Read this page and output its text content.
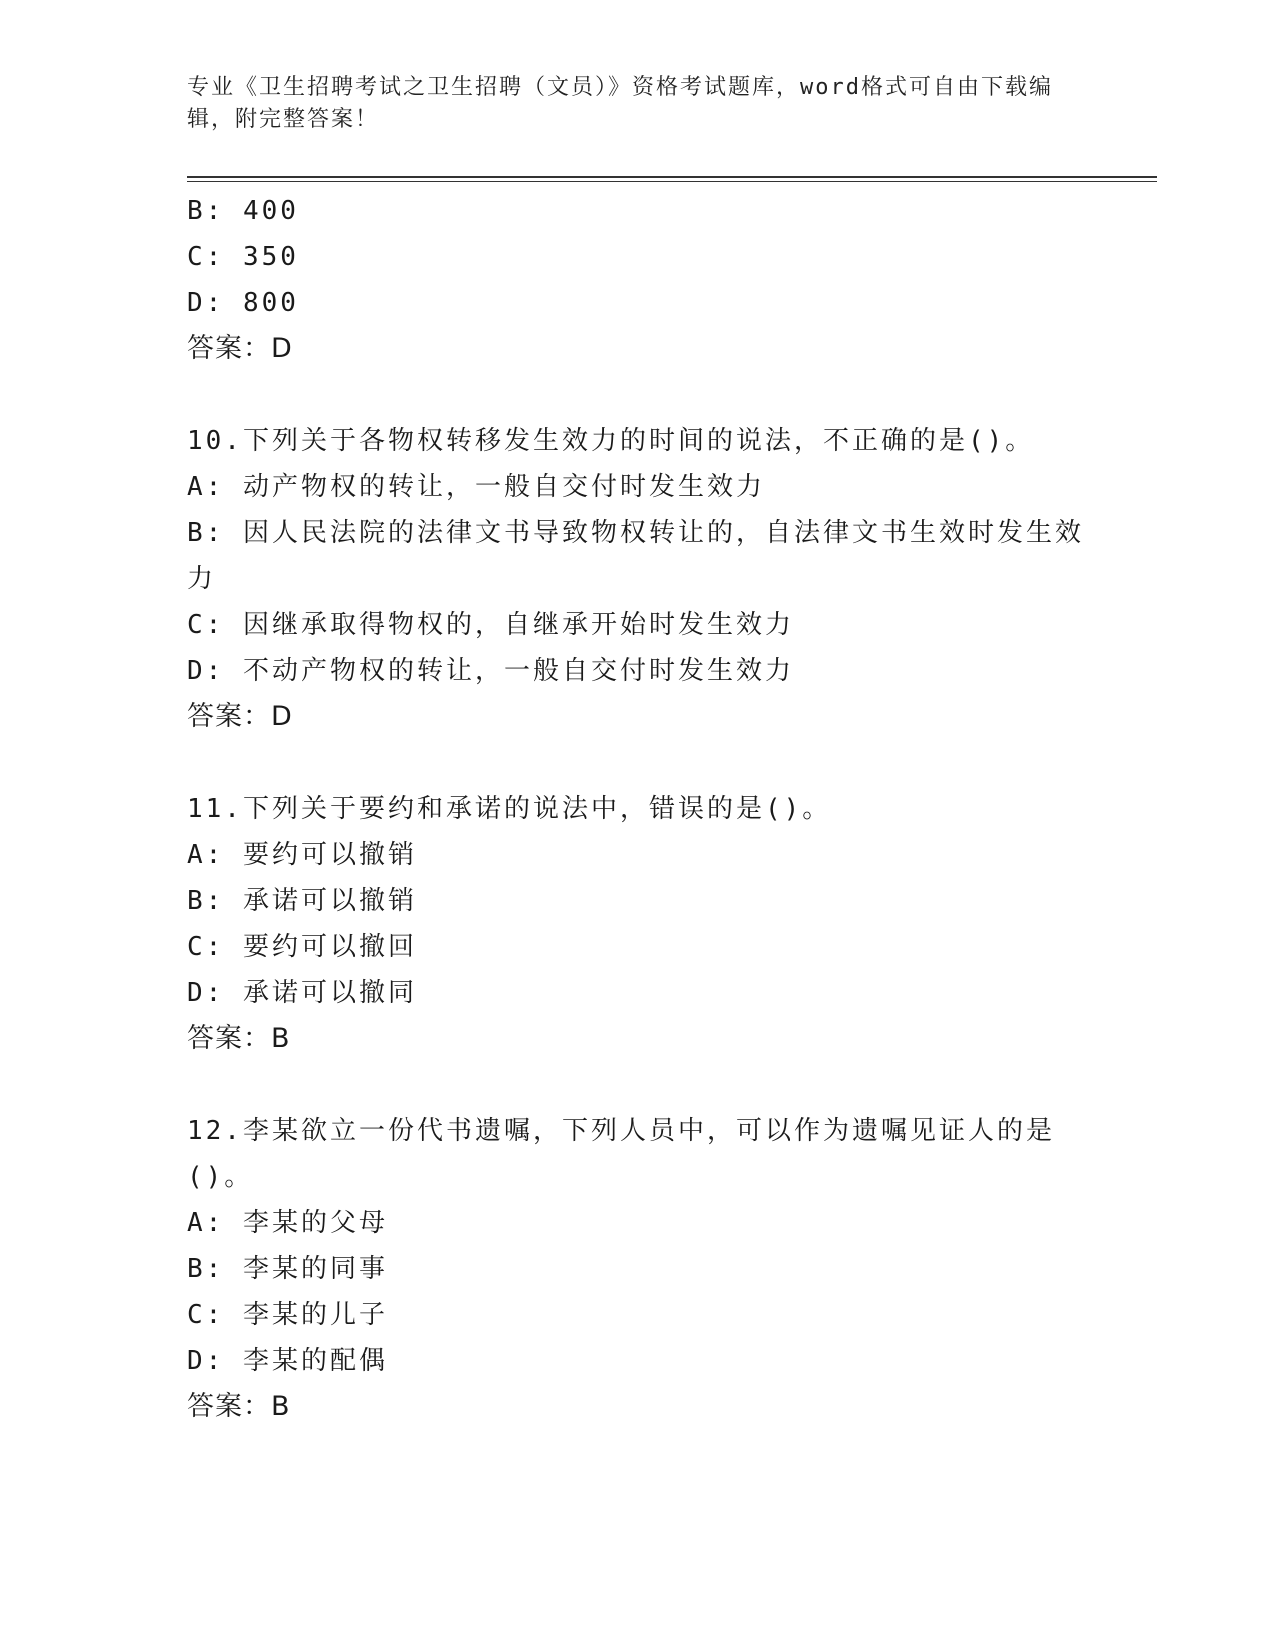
专业《卫生招聘考试之卫生招聘（文员）》资格考试题库，word格式可自由下载编辑，附完整答案！
B: 400
C: 350
D: 800
答案：D
10.下列关于各物权转移发生效力的时间的说法，不正确的是()。
A: 动产物权的转让，一般自交付时发生效力
B: 因人民法院的法律文书导致物权转让的，自法律文书生效时发生效力
C: 因继承取得物权的，自继承开始时发生效力
D: 不动产物权的转让，一般自交付时发生效力
答案：D
11.下列关于要约和承诺的说法中，错误的是()。
A: 要约可以撤销
B: 承诺可以撤销
C: 要约可以撤回
D: 承诺可以撤同
答案：B
12.李某欲立一份代书遗嘱，下列人员中，可以作为遗嘱见证人的是()。
A: 李某的父母
B: 李某的同事
C: 李某的儿子
D: 李某的配偶
答案：B
